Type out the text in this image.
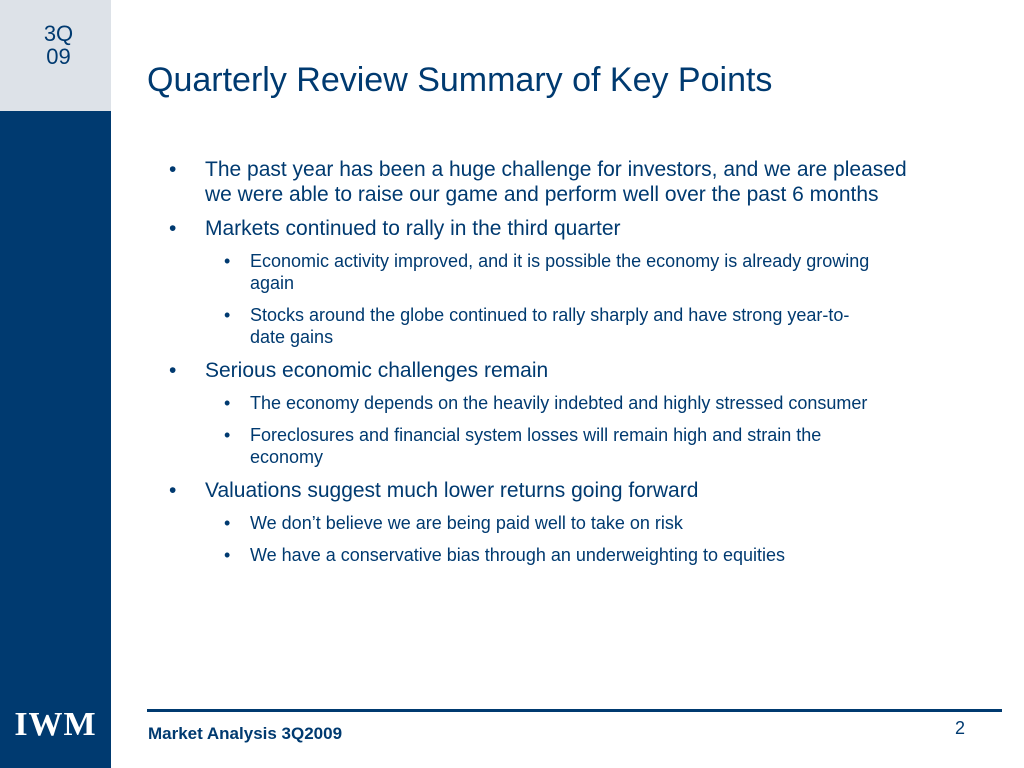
3Q
09
IWM
Quarterly Review Summary of Key Points
• The past year has been a huge challenge for investors, and we are pleased we were able to raise our game and perform well over the past 6 months
• Markets continued to rally in the third quarter
• Economic activity improved, and it is possible the economy is already growing again
• Stocks around the globe continued to rally sharply and have strong year-to-date gains
• Serious economic challenges remain
• The economy depends on the heavily indebted and highly stressed consumer
• Foreclosures and financial system losses will remain high and strain the economy
• Valuations suggest much lower returns going forward
• We don’t believe we are being paid well to take on risk
• We have a conservative bias through an underweighting to equities
Market Analysis 3Q2009	2
